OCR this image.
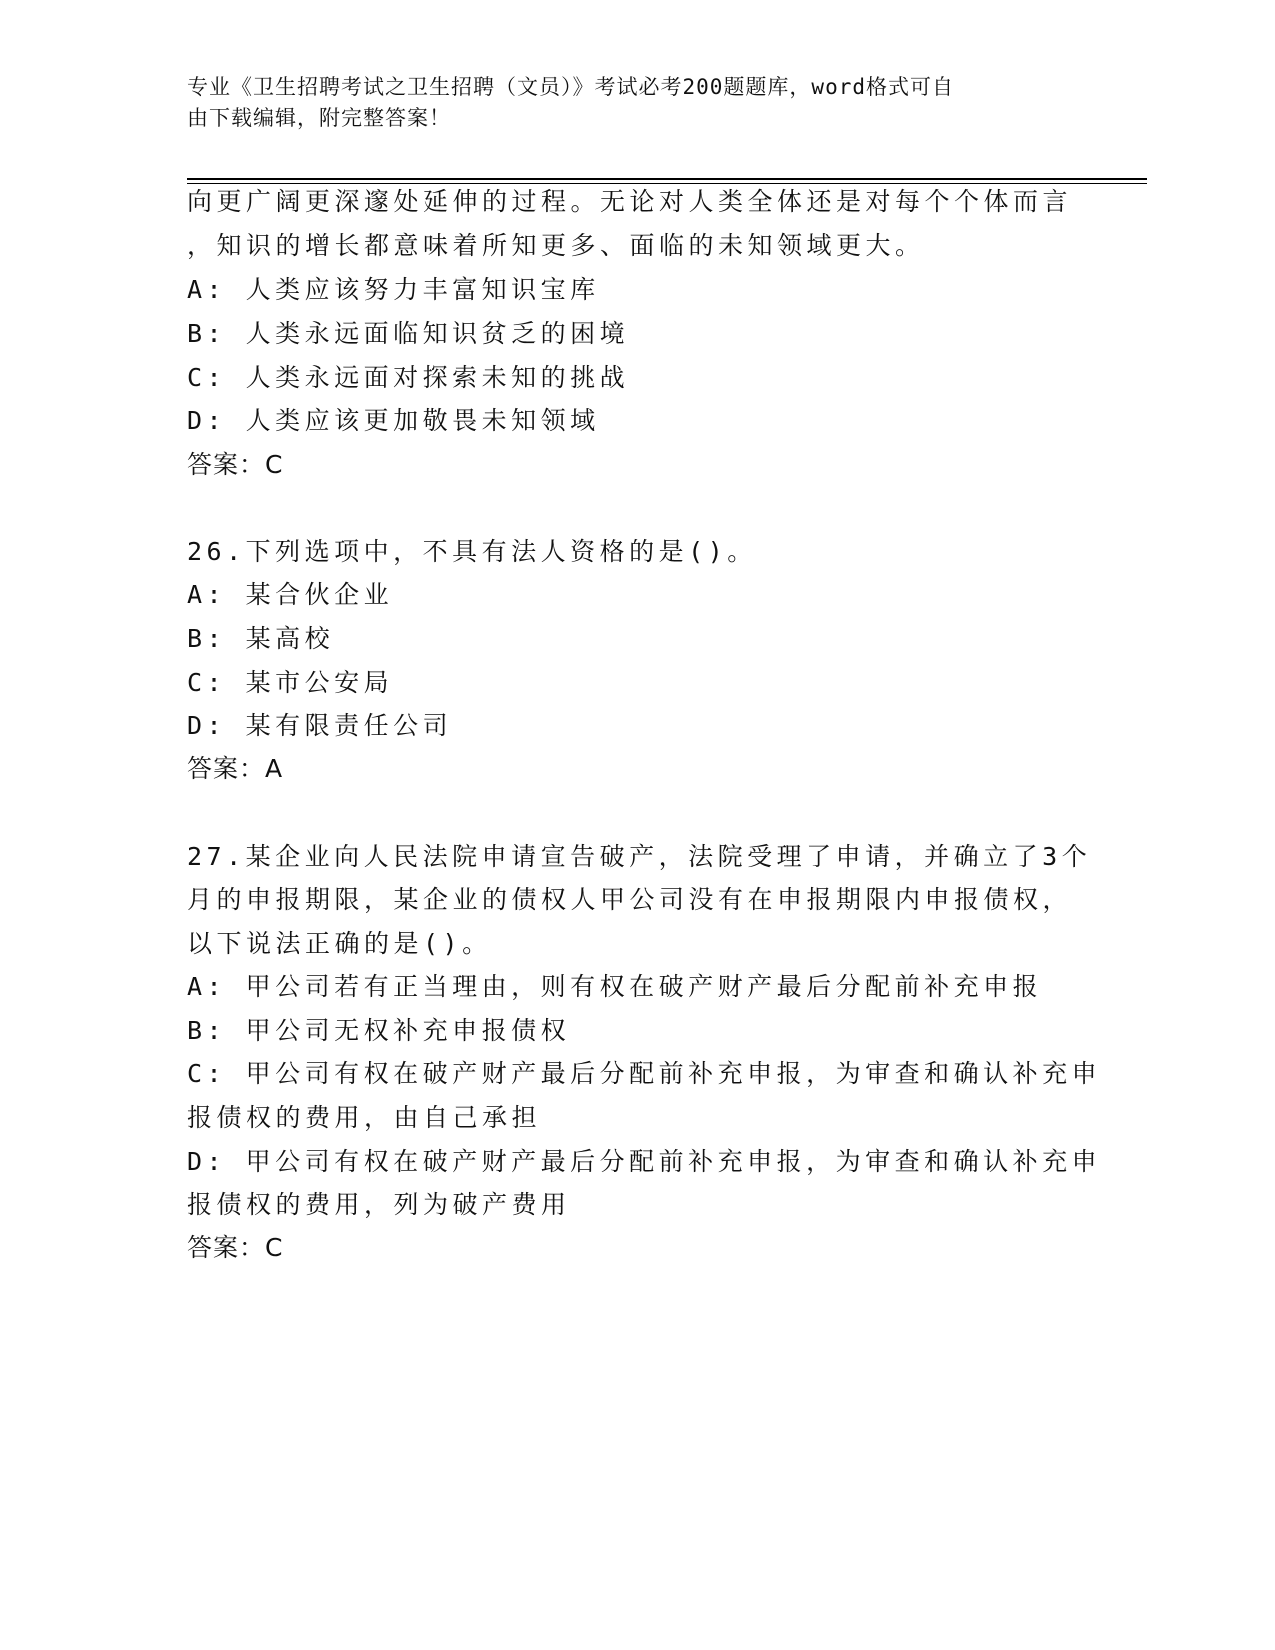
专业《卫生招聘考试之卫生招聘（文员）》考试必考200题题库，word格式可自
由下载编辑，附完整答案！
向更广阔更深邃处延伸的过程。无论对人类全体还是对每个个体而言
，知识的增长都意味着所知更多、面临的未知领域更大。
A: 人类应该努力丰富知识宝库
B: 人类永远面临知识贫乏的困境
C: 人类永远面对探索未知的挑战
D: 人类应该更加敬畏未知领域
答案：C
26.下列选项中，不具有法人资格的是()。
A: 某合伙企业
B: 某高校
C: 某市公安局
D: 某有限责任公司
答案：A
27.某企业向人民法院申请宣告破产，法院受理了申请，并确立了3个
月的申报期限，某企业的债权人甲公司没有在申报期限内申报债权，
以下说法正确的是()。
A: 甲公司若有正当理由，则有权在破产财产最后分配前补充申报
B: 甲公司无权补充申报债权
C: 甲公司有权在破产财产最后分配前补充申报，为审查和确认补充申
报债权的费用，由自己承担
D: 甲公司有权在破产财产最后分配前补充申报，为审查和确认补充申
报债权的费用，列为破产费用
答案：C
